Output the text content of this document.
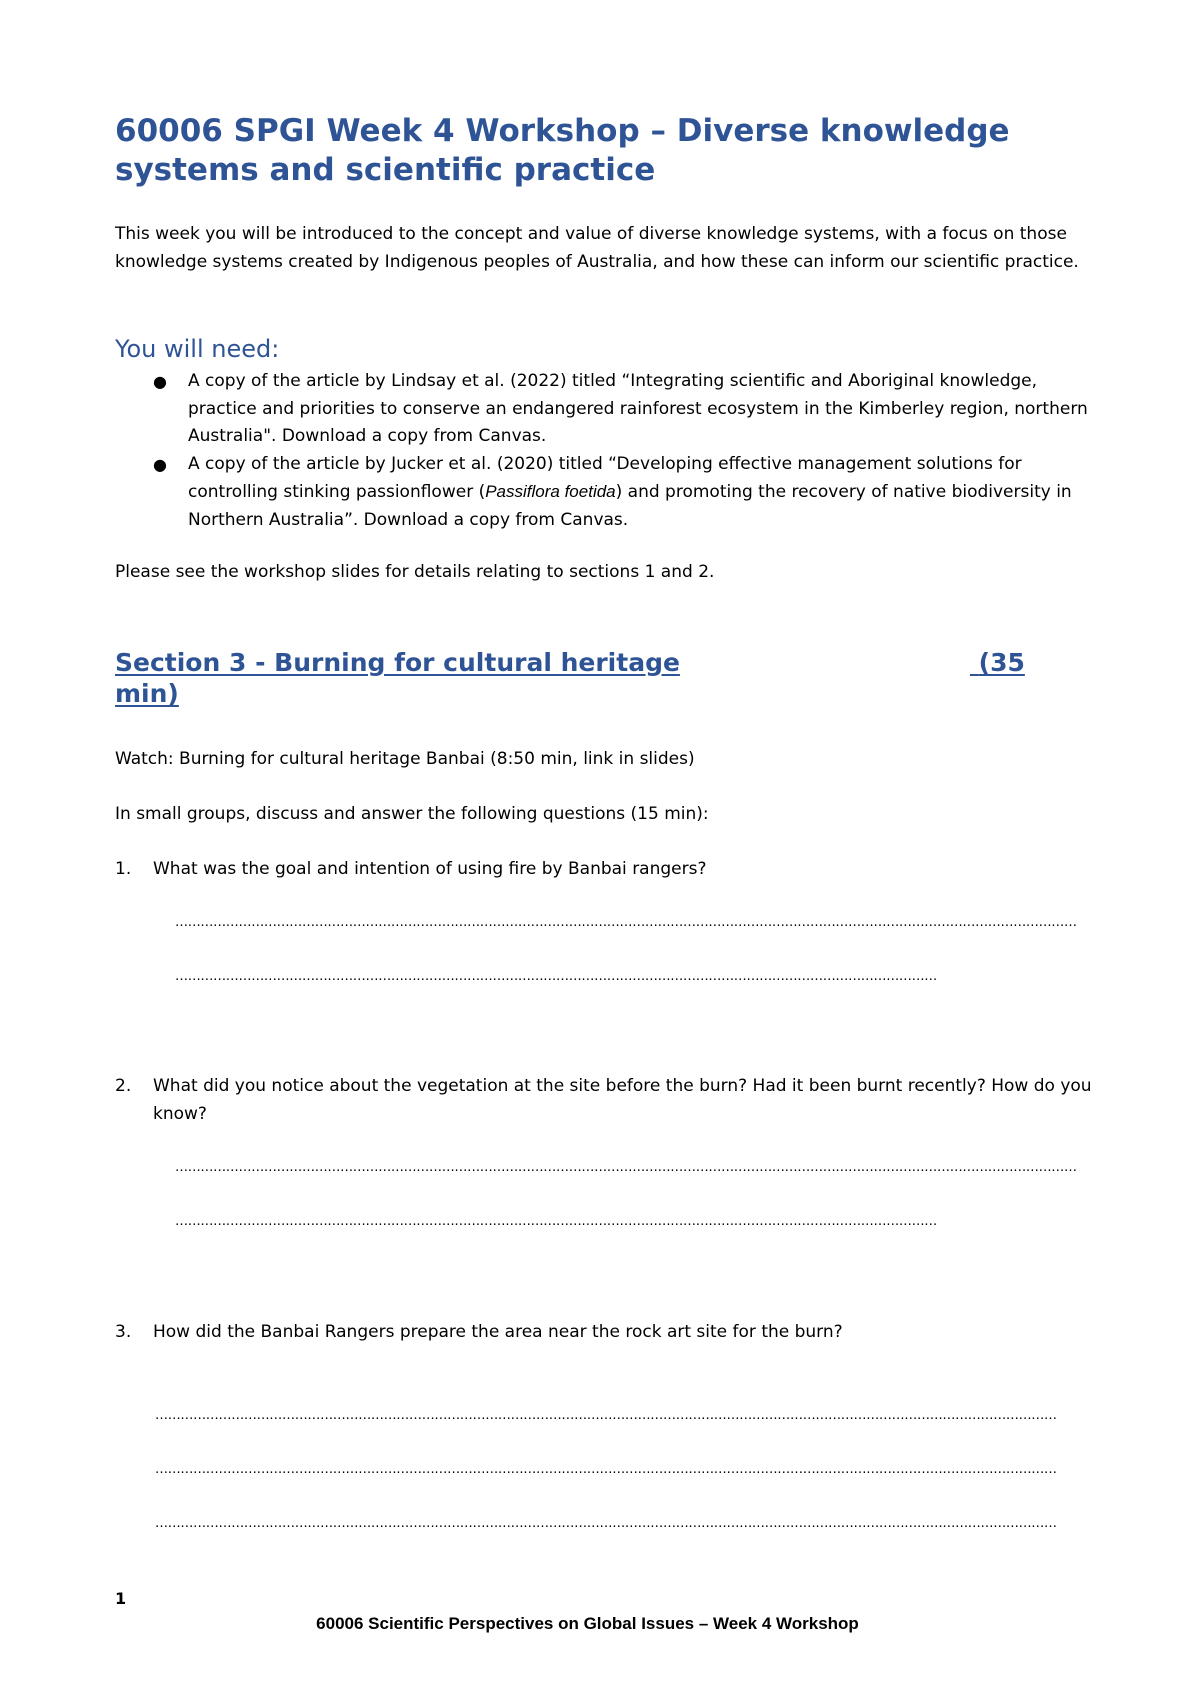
60006 SPGI Week 4 Workshop – Diverse knowledge systems and scientific practice

This week you will be introduced to the concept and value of diverse knowledge systems, with a focus on those knowledge systems created by Indigenous peoples of Australia, and how these can inform our scientific practice.

You will need:
● A copy of the article by Lindsay et al. (2022) titled “Integrating scientific and Aboriginal knowledge, practice and priorities to conserve an endangered rainforest ecosystem in the Kimberley region, northern Australia". Download a copy from Canvas.
● A copy of the article by Jucker et al. (2020) titled “Developing effective management solutions for controlling stinking passionflower (Passiflora foetida) and promoting the recovery of native biodiversity in Northern Australia”. Download a copy from Canvas.

Please see the workshop slides for details relating to sections 1 and 2.

Section 3 - Burning for cultural heritage	(35 min)

Watch: Burning for cultural heritage Banbai (8:50 min, link in slides)

In small groups, discuss and answer the following questions (15 min):

1.	What was the goal and intention of using fire by Banbai rangers?

……………………………………………………………………………………………………………………………………………………………………………………………

………………………………………………………………………………………………………………………………………………………………

2.	What did you notice about the vegetation at the site before the burn? Had it been burnt recently? How do you know?

……………………………………………………………………………………………………………………………………………………………………………………………

………………………………………………………………………………………………………………………………………………………………

3.	How did the Banbai Rangers prepare the area near the rock art site for the burn?

……………………………………………………………………………………………………………………………………………………………………………………………

……………………………………………………………………………………………………………………………………………………………………………………………

……………………………………………………………………………………………………………………………………………………………………………………………

1

60006 Scientific Perspectives on Global Issues – Week 4 Workshop
